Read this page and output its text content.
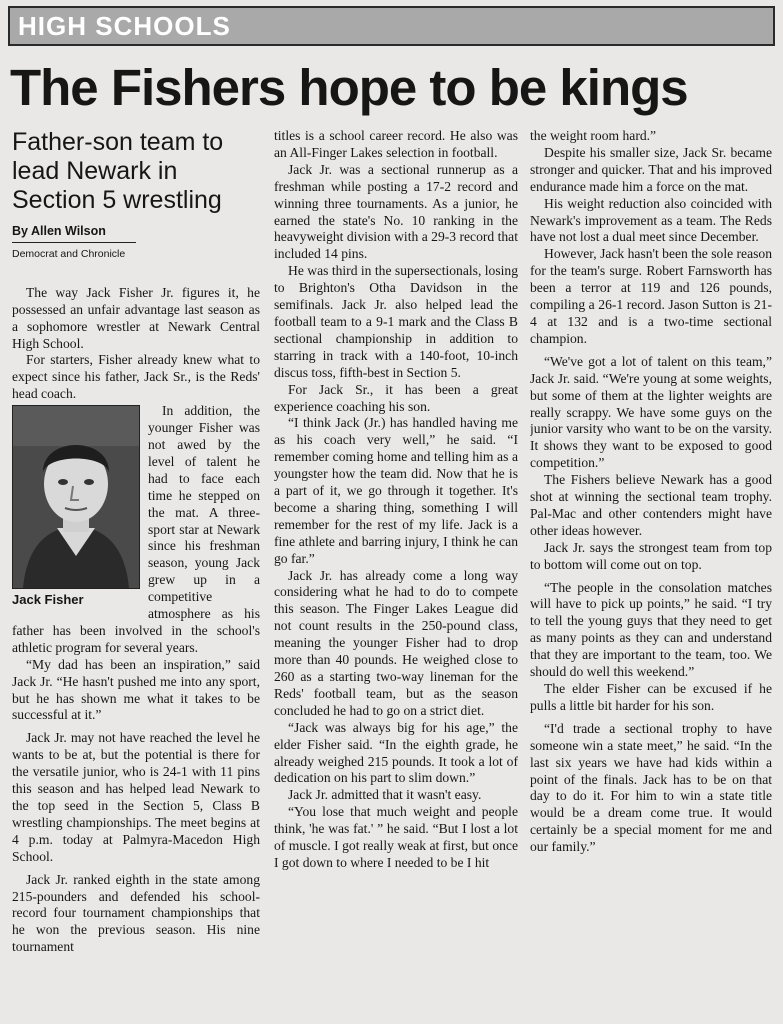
HIGH SCHOOLS
The Fishers hope to be kings
Father-son team to lead Newark in Section 5 wrestling
By Allen Wilson
Democrat and Chronicle

The way Jack Fisher Jr. figures it, he possessed an unfair advantage last season as a sophomore wrestler at Newark Central High School.

For starters, Fisher already knew what to expect since his father, Jack Sr., is the Reds' head coach.

Jack Fisher

In addition, the younger Fisher was not awed by the level of talent he had to face each time he stepped on the mat. A three-sport star at Newark since his freshman season, young Jack grew up in a competitive atmosphere as his father has been involved in the school's athletic program for several years.

“My dad has been an inspiration,” said Jack Jr. “He hasn't pushed me into any sport, but he has shown me what it takes to be successful at it.”

Jack Jr. may not have reached the level he wants to be at, but the potential is there for the versatile junior, who is 24-1 with 11 pins this season and has helped lead Newark to the top seed in the Section 5, Class B wrestling championships. The meet begins at 4 p.m. today at Palmyra-Macedon High School.

Jack Jr. ranked eighth in the state among 215-pounders and defended his school-record four tournament championships that he won the previous season. His nine tournament

titles is a school career record. He also was an All-Finger Lakes selection in football.

Jack Jr. was a sectional runnerup as a freshman while posting a 17-2 record and winning three tournaments. As a junior, he earned the state's No. 10 ranking in the heavyweight division with a 29-3 record that included 14 pins.

He was third in the supersectionals, losing to Brighton's Otha Davidson in the semifinals. Jack Jr. also helped lead the football team to a 9-1 mark and the Class B sectional championship in addition to starring in track with a 140-foot, 10-inch discus toss, fifth-best in Section 5.

For Jack Sr., it has been a great experience coaching his son.

“I think Jack (Jr.) has handled having me as his coach very well,” he said. “I remember coming home and telling him as a youngster how the team did. Now that he is a part of it, we go through it together. It's become a sharing thing, something I will remember for the rest of my life. Jack is a fine athlete and barring injury, I think he can go far.”

Jack Jr. has already come a long way considering what he had to do to compete this season. The Finger Lakes League did not count results in the 250-pound class, meaning the younger Fisher had to drop more than 40 pounds. He weighed close to 260 as a starting two-way lineman for the Reds' football team, but as the season concluded he had to go on a strict diet.

“Jack was always big for his age,” the elder Fisher said. “In the eighth grade, he already weighed 215 pounds. It took a lot of dedication on his part to slim down.”

Jack Jr. admitted that it wasn't easy.

“You lose that much weight and people think, 'he was fat.' ” he said. “But I lost a lot of muscle. I got really weak at first, but once I got down to where I needed to be I hit

the weight room hard.”

Despite his smaller size, Jack Sr. became stronger and quicker. That and his improved endurance made him a force on the mat.

His weight reduction also coincided with Newark's improvement as a team. The Reds have not lost a dual meet since December.

However, Jack hasn't been the sole reason for the team's surge. Robert Farnsworth has been a terror at 119 and 126 pounds, compiling a 26-1 record. Jason Sutton is 21-4 at 132 and is a two-time sectional champion.

“We've got a lot of talent on this team,” Jack Jr. said. “We're young at some weights, but some of them at the lighter weights are really scrappy. We have some guys on the junior varsity who want to be on the varsity. It shows they want to be exposed to good competition.”

The Fishers believe Newark has a good shot at winning the sectional team trophy. Pal-Mac and other contenders might have other ideas however.

Jack Jr. says the strongest team from top to bottom will come out on top.

“The people in the consolation matches will have to pick up points,” he said. “I try to tell the young guys that they need to get as many points as they can and understand that they are important to the team, too. We should do well this weekend.”

The elder Fisher can be excused if he pulls a little bit harder for his son.

“I'd trade a sectional trophy to have someone win a state meet,” he said. “In the last six years we have had kids within a point of the finals. Jack has to be on that day to do it. For him to win a state title would be a dream come true. It would certainly be a special moment for me and our family.”
